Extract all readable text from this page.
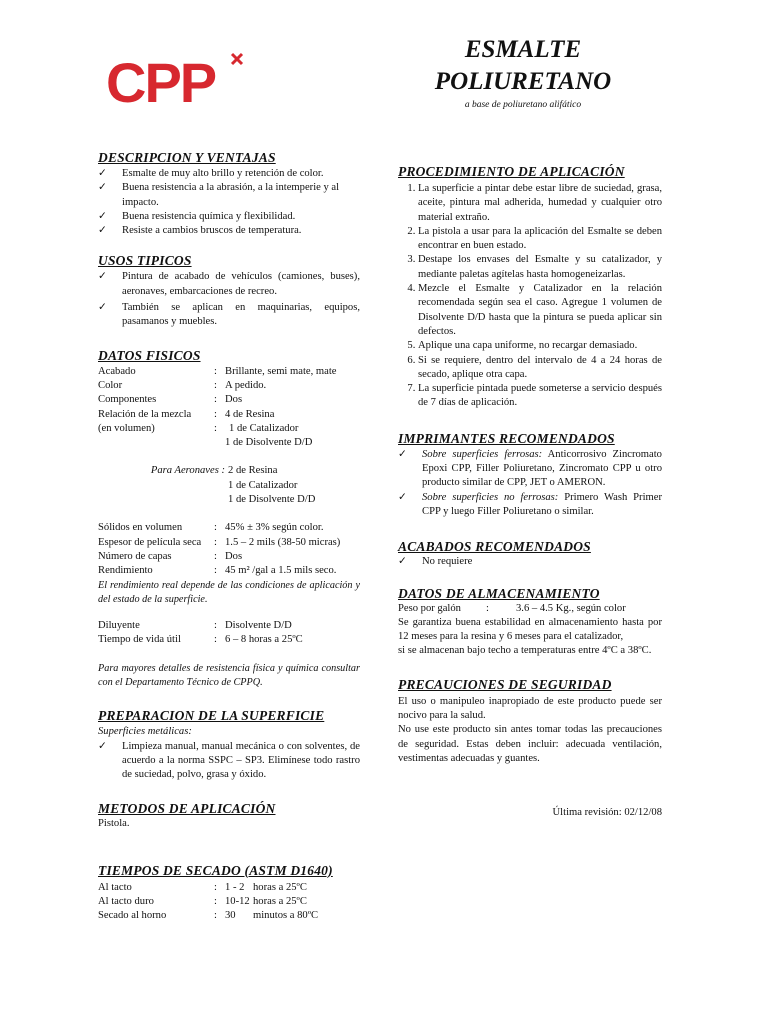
CPP
ESMALTE
POLIURETANO
a base de poliuretano alifático
DESCRIPCION Y VENTAJAS
✓	Esmalte de muy alto brillo y retención de color.
✓	Buena resistencia a la abrasión, a la intemperie y al impacto.
✓	Buena resistencia química y flexibilidad.
✓	Resiste a cambios bruscos de temperatura.
USOS TIPICOS
✓	Pintura de acabado de vehículos (camiones, buses), aeronaves, embarcaciones de recreo.
✓	También se aplican en maquinarias, equipos, pasamanos y muebles.
DATOS FISICOS
Acabado	: Brillante, semi mate, mate
Color	: A pedido.
Componentes	: Dos
Relación de la mezcla	: 4 de Resina
(en volumen)	:	1 de Catalizador
1 de Disolvente D/D
Para Aeronaves : 2 de Resina
1 de Catalizador
1 de Disolvente D/D
Sólidos en volumen	: 45% ± 3% según color.
Espesor de película seca	: 1.5 – 2 mils (38-50 micras)
Número de capas	: Dos
Rendimiento	: 45 m² /gal a 1.5 mils seco.
El rendimiento real depende de las condiciones de aplicación y del estado de la superficie.
Diluyente	: Disolvente D/D
Tiempo de vida útil	: 6 – 8 horas a 25ºC
Para mayores detalles de resistencia física y química consultar con el Departamento Técnico de CPPQ.
PREPARACION DE LA SUPERFICIE
Superficies metálicas:
✓	Limpieza manual, manual mecánica o con solventes, de acuerdo a la norma SSPC – SP3. Elimínese todo rastro de suciedad, polvo, grasa y óxido.
METODOS DE APLICACIÓN
Pistola.
TIEMPOS DE SECADO (ASTM D1640)
Al tacto	: 1 - 2 horas a 25ºC
Al tacto duro	: 10-12 horas a 25ºC
Secado al horno	: 30	minutos a 80ºC
PROCEDIMIENTO DE APLICACIÓN
1. La superficie a pintar debe estar libre de suciedad, grasa, aceite, pintura mal adherida, humedad y cualquier otro material extraño.
2. La pistola a usar para la aplicación del Esmalte se deben encontrar en buen estado.
3. Destape los envases del Esmalte y su catalizador, y mediante paletas agítelas hasta homogeneizarlas.
4. Mezcle el Esmalte y Catalizador en la relación recomendada según sea el caso. Agregue 1 volumen de Disolvente D/D hasta que la pintura se pueda aplicar sin defectos.
5. Aplique una capa uniforme, no recargar demasiado.
6. Si se requiere, dentro del intervalo de 4 a 24 horas de secado, aplique otra capa.
7. La superficie pintada puede someterse a servicio después de 7 días de aplicación.
IMPRIMANTES RECOMENDADOS
✓	Sobre superficies ferrosas: Anticorrosivo Zincromato Epoxi CPP, Filler Poliuretano, Zincromato CPP u otro producto similar de CPP, JET o AMERON.
✓	Sobre superficies no ferrosas: Primero Wash Primer CPP y luego Filler Poliuretano o similar.
ACABADOS RECOMENDADOS
✓	No requiere
DATOS DE ALMACENAMIENTO
Peso por galón	:	3.6 – 4.5 Kg., según color
Se garantiza buena estabilidad en almacenamiento hasta por 12 meses para la resina y 6 meses para el catalizador,
si se almacenan bajo techo a temperaturas entre 4ºC a 38ºC.
PRECAUCIONES DE SEGURIDAD
El uso o manipuleo inapropiado de este producto puede ser nocivo para la salud.
No use este producto sin antes tomar todas las precauciones de seguridad. Estas deben incluir: adecuada ventilación, vestimentas adecuadas y guantes.
Última revisión: 02/12/08
